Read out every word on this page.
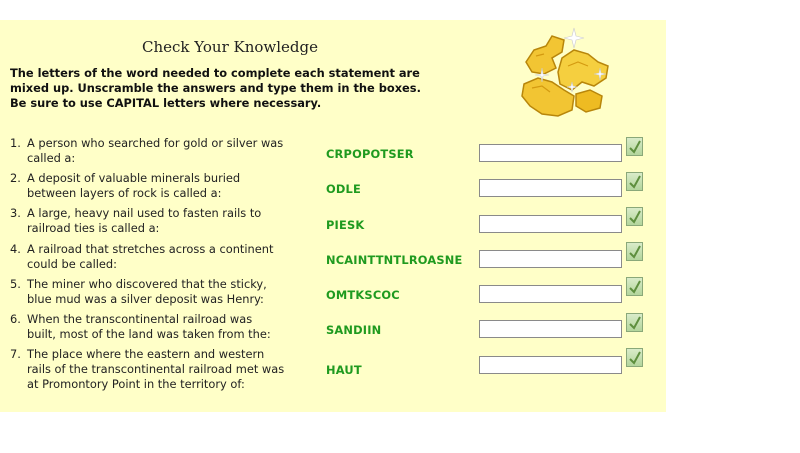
Check Your Knowledge
The letters of the word needed to complete each statement are
mixed up. Unscramble the answers and type them in the boxes.
Be sure to use CAPITAL letters where necessary.
1. A person who searched for gold or silver was
called a:	CRPOPOTSER
2. A deposit of valuable minerals buried
between layers of rock is called a:	ODLE
3. A large, heavy nail used to fasten rails to
railroad ties is called a:	PIESK
4. A railroad that stretches across a continent
could be called:	NCAINTTNTLROASNE
5. The miner who discovered that the sticky,
blue mud was a silver deposit was Henry:	OMTKSCOC
6. When the transcontinental railroad was
built, most of the land was taken from the:	SANDIIN
7. The place where the eastern and western
rails of the transcontinental railroad met was
at Promontory Point in the territory of:
HAUT
